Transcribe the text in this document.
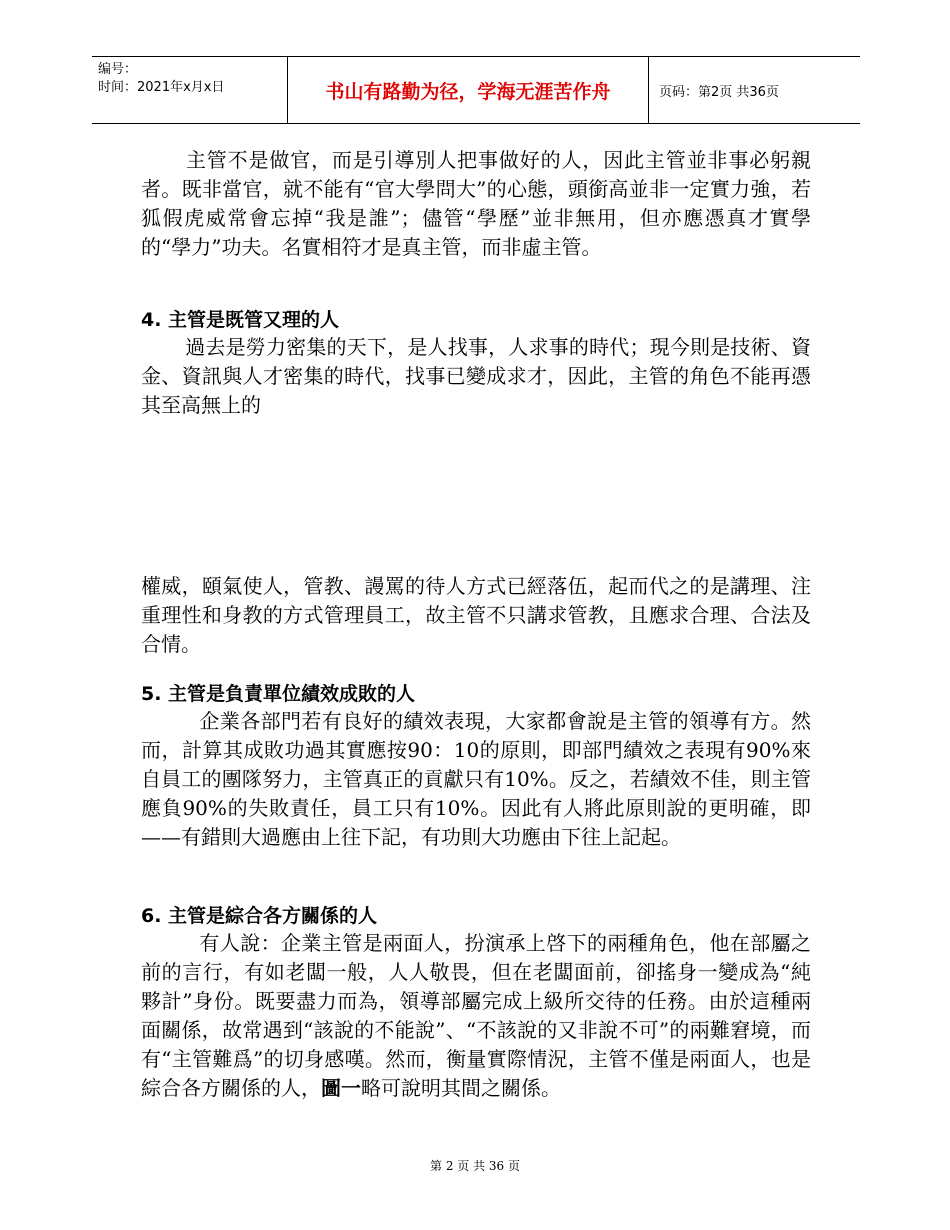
编号：
时间：2021年x月x日	书山有路勤为径，学海无涯苦作舟	页码：第2页 共36页

主管不是做官，而是引導別人把事做好的人，因此主管並非事必躬親者。既非當官，就不能有“官大學問大”的心態，頭銜高並非一定實力強，若狐假虎威常會忘掉“我是誰”；儘管“學歷”並非無用，但亦應憑真才實學的“學力”功夫。名實相符才是真主管，而非虛主管。

4. 主管是既管又理的人

過去是勞力密集的天下，是人找事，人求事的時代；現今則是技術、資金、資訊與人才密集的時代，找事已變成求才，因此，主管的角色不能再憑其至高無上的

權威，頤氣使人，管教、謾罵的待人方式已經落伍，起而代之的是講理、注重理性和身教的方式管理員工，故主管不只講求管教，且應求合理、合法及合情。

5. 主管是負責單位績效成敗的人

企業各部門若有良好的績效表現，大家都會說是主管的領導有方。然而，計算其成敗功過其實應按90：10的原則，即部門績效之表現有90%來自員工的團隊努力，主管真正的貢獻只有10%。反之，若績效不佳，則主管應負90%的失敗責任，員工只有10%。因此有人將此原則說的更明確，即——有錯則大過應由上往下記，有功則大功應由下往上記起。

6. 主管是綜合各方關係的人

有人說：企業主管是兩面人，扮演承上啓下的兩種角色，他在部屬之前的言行，有如老闆一般，人人敬畏，但在老闆面前，卻搖身一變成為“純夥計”身份。既要盡力而為，領導部屬完成上級所交待的任務。由於這種兩面關係，故常遇到“該說的不能說”、“不該說的又非說不可”的兩難窘境，而有“主管難爲”的切身感嘆。然而，衡量實際情況，主管不僅是兩面人，也是綜合各方關係的人，圖一略可說明其間之關係。

第 2 页 共 36 页
